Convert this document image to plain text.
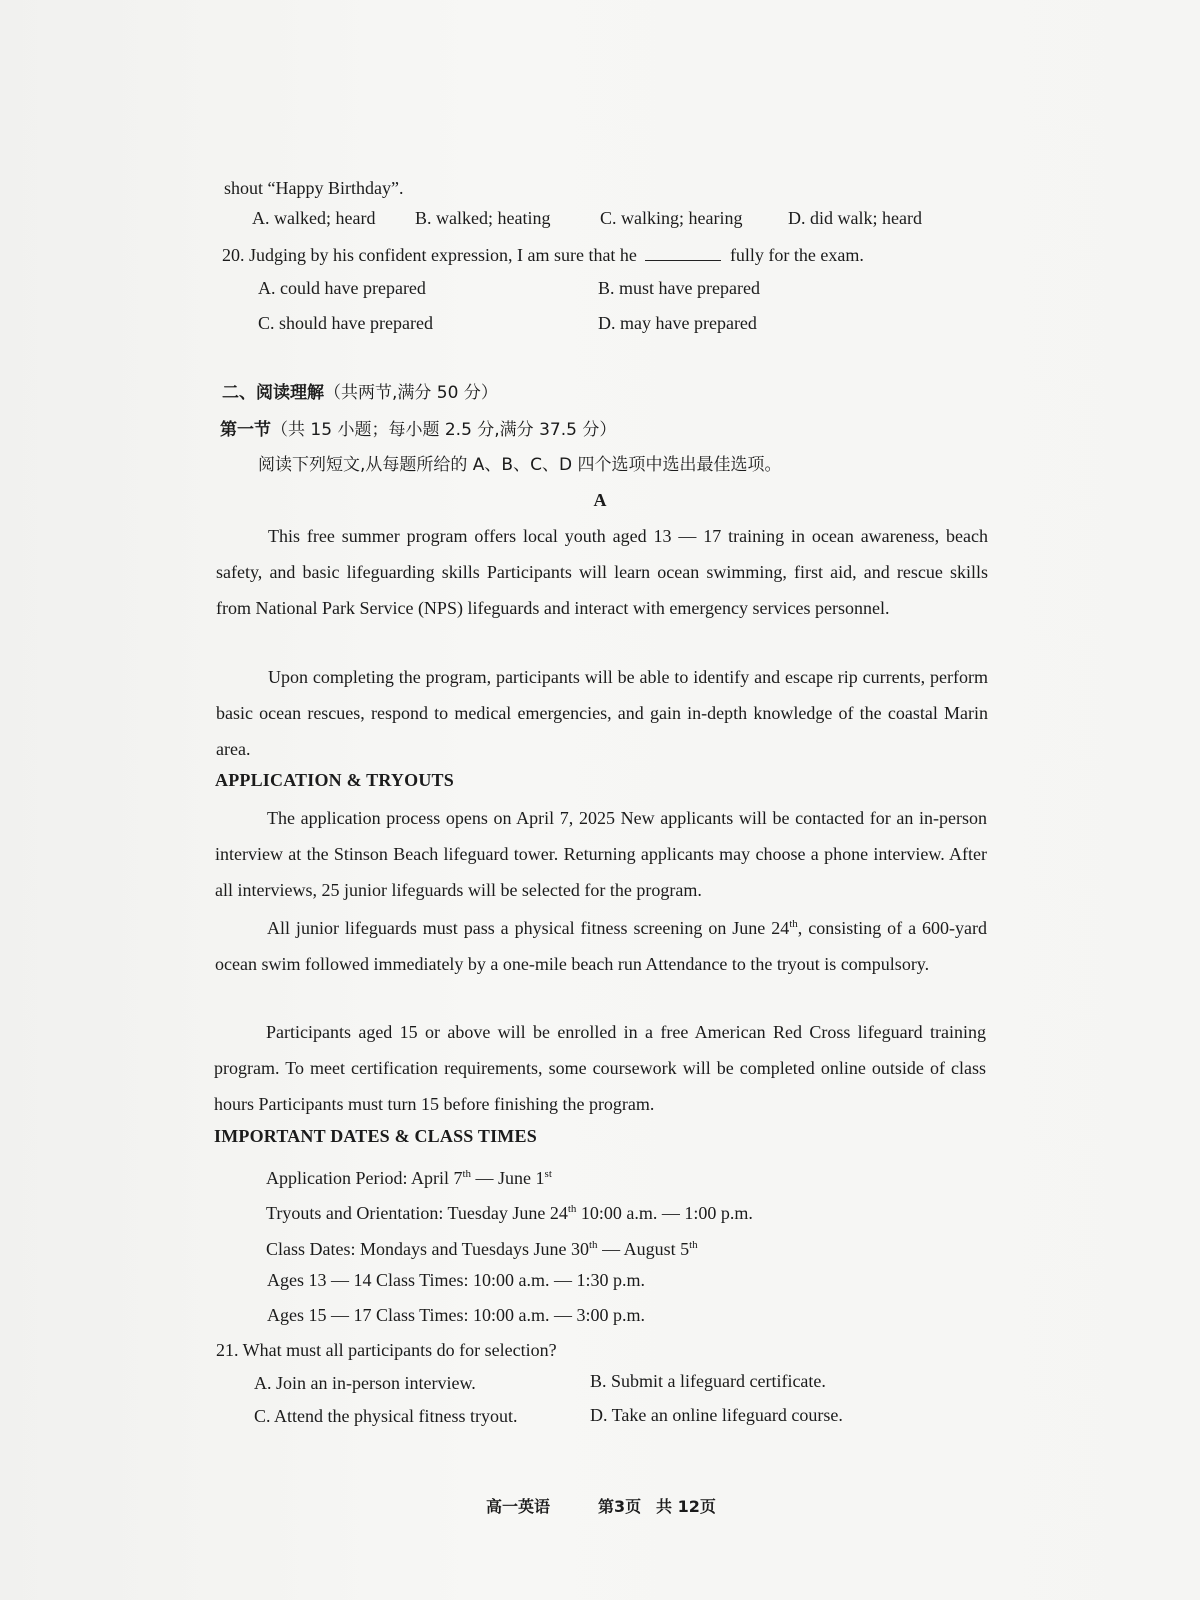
shout “Happy Birthday”.
A. walked; heard B. walked; heating	C. walking; hearing	D. did walk; heard
20. Judging by his confident expression, I am sure that he	fully for the exam.
A. could have prepared	B. must have prepared
C. should have prepared	D. may have prepared
二、阅读理解（共两节,满分 50 分）
第一节（共 15 小题；每小题 2.5 分,满分 37.5 分）
阅读下列短文,从每题所给的 A、B、C、D 四个选项中选出最佳选项。
A
This free summer program offers local youth aged 13 — 17 training in ocean awareness, beach safety, and basic lifeguarding skills Participants will learn ocean swimming, first aid, and rescue skills from National Park Service (NPS) lifeguards and interact with emergency services personnel.
Upon completing the program, participants will be able to identify and escape rip currents, perform basic ocean rescues, respond to medical emergencies, and gain in-depth knowledge of the coastal Marin area.
APPLICATION & TRYOUTS
The application process opens on April 7, 2025 New applicants will be contacted for an in-person interview at the Stinson Beach lifeguard tower. Returning applicants may choose a phone interview. After all interviews, 25 junior lifeguards will be selected for the program.
All junior lifeguards must pass a physical fitness screening on June 24th, consisting of a 600-yard ocean swim followed immediately by a one-mile beach run Attendance to the tryout is compulsory.
Participants aged 15 or above will be enrolled in a free American Red Cross lifeguard training program. To meet certification requirements, some coursework will be completed online outside of class hours Participants must turn 15 before finishing the program.
IMPORTANT DATES & CLASS TIMES
Application Period: April 7th — June 1st
Tryouts and Orientation: Tuesday June 24th 10:00 a.m. — 1:00 p.m.
Class Dates: Mondays and Tuesdays June 30th — August 5th
Ages 13 — 14 Class Times: 10:00 a.m. — 1:30 p.m.
Ages 15 — 17 Class Times: 10:00 a.m. — 3:00 p.m.
21. What must all participants do for selection?
A. Join an in-person interview.	B. Submit a lifeguard certificate.
C. Attend the physical fitness tryout.	D. Take an online lifeguard course.
高一英语	第3页 共 12页
